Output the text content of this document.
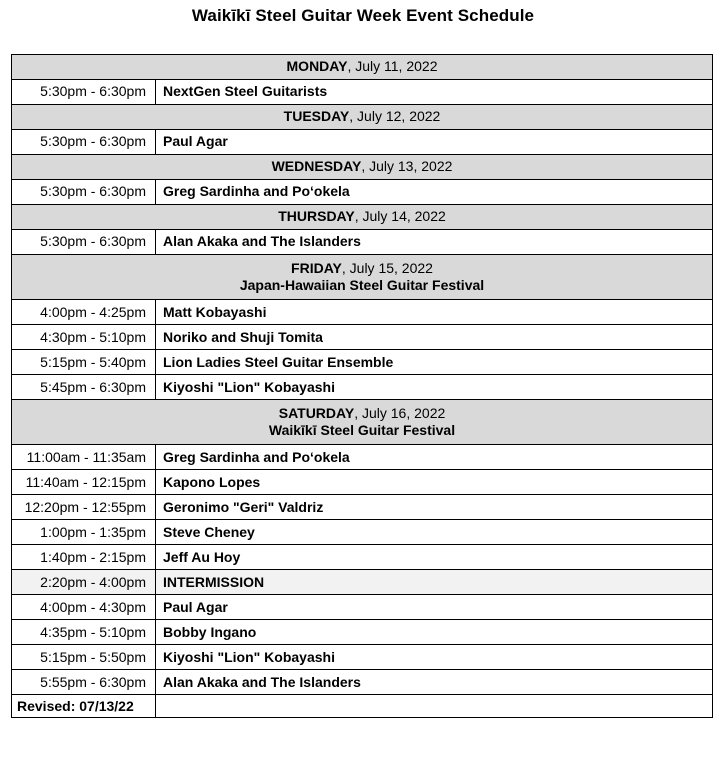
Waikīkī Steel Guitar Week Event Schedule
MONDAY, July 11, 2022	
5:30pm - 6:30pm	NextGen Steel Guitarists
TUESDAY, July 12, 2022	
5:30pm - 6:30pm	Paul Agar
WEDNESDAY, July 13, 2022	
5:30pm - 6:30pm	Greg Sardinha and Poʻokela
THURSDAY, July 14, 2022	
5:30pm - 6:30pm	Alan Akaka and The Islanders
FRIDAY, July 15, 2022
Japan-Hawaiian Steel Guitar Festival	

4:00pm - 4:25pm	Matt Kobayashi
4:30pm - 5:10pm	Noriko and Shuji Tomita
5:15pm - 5:40pm	Lion Ladies Steel Guitar Ensemble
5:45pm - 6:30pm	Kiyoshi "Lion" Kobayashi
SATURDAY, July 16, 2022
Waikīkī Steel Guitar Festival	

11:00am - 11:35am	Greg Sardinha and Poʻokela
11:40am - 12:15pm	Kapono Lopes
12:20pm - 12:55pm	Geronimo "Geri" Valdriz
1:00pm - 1:35pm	Steve Cheney
1:40pm - 2:15pm	Jeff Au Hoy
2:20pm - 4:00pm	INTERMISSION
4:00pm - 4:30pm	Paul Agar
4:35pm - 5:10pm	Bobby Ingano
5:15pm - 5:50pm	Kiyoshi "Lion" Kobayashi
5:55pm - 6:30pm	Alan Akaka and The Islanders
Revised: 07/13/22	
